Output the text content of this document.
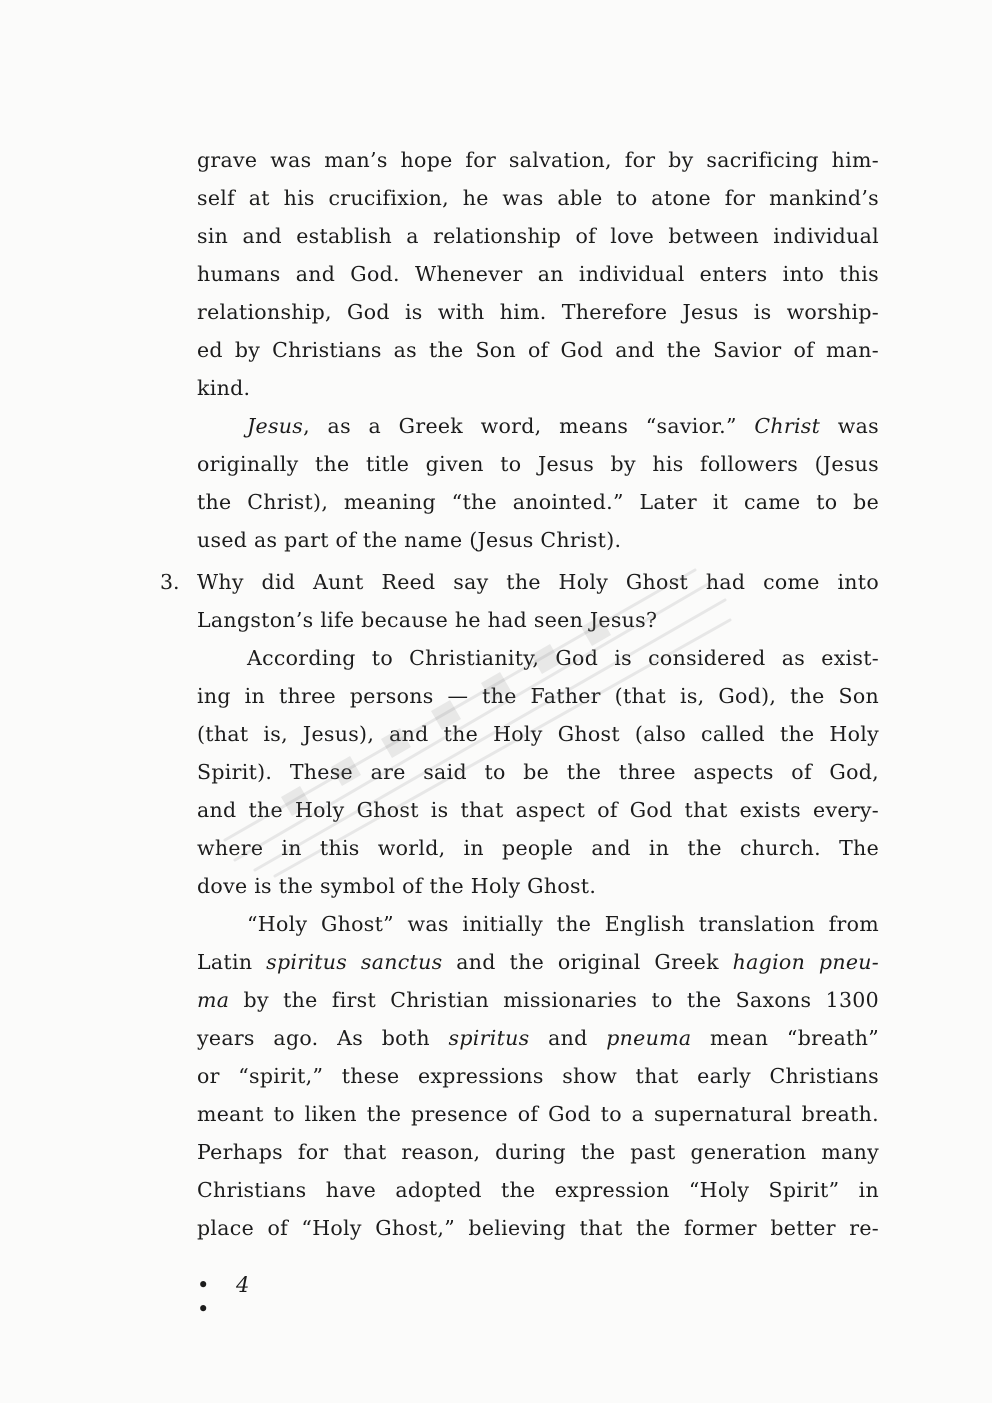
grave was man’s hope for salvation, for by sacrificing him-
self at his crucifixion, he was able to atone for mankind’s
sin and establish a relationship of love between individual
humans and God. Whenever an individual enters into this
relationship, God is with him. Therefore Jesus is worship-
ed by Christians as the Son of God and the Savior of man-
kind.
Jesus, as a Greek word, means “savior.” Christ was
originally the title given to Jesus by his followers (Jesus
the Christ), meaning “the anointed.” Later it came to be
used as part of the name (Jesus Christ).
3. Why did Aunt Reed say the Holy Ghost had come into
Langston’s life because he had seen Jesus?
According to Christianity, God is considered as exist-
ing in three persons — the Father (that is, God), the Son
(that is, Jesus), and the Holy Ghost (also called the Holy
Spirit). These are said to be the three aspects of God,
and the Holy Ghost is that aspect of God that exists every-
where in this world, in people and in the church. The
dove is the symbol of the Holy Ghost.
“Holy Ghost” was initially the English translation from
Latin spiritus sanctus and the original Greek hagion pneu-
ma by the first Christian missionaries to the Saxons 1300
years ago. As both spiritus and pneuma mean “breath”
or “spirit,” these expressions show that early Christians
meant to liken the presence of God to a supernatural breath.
Perhaps for that reason, during the past generation many
Christians have adopted the expression “Holy Spirit” in
place of “Holy Ghost,” believing that the former better re-
• 4 •
